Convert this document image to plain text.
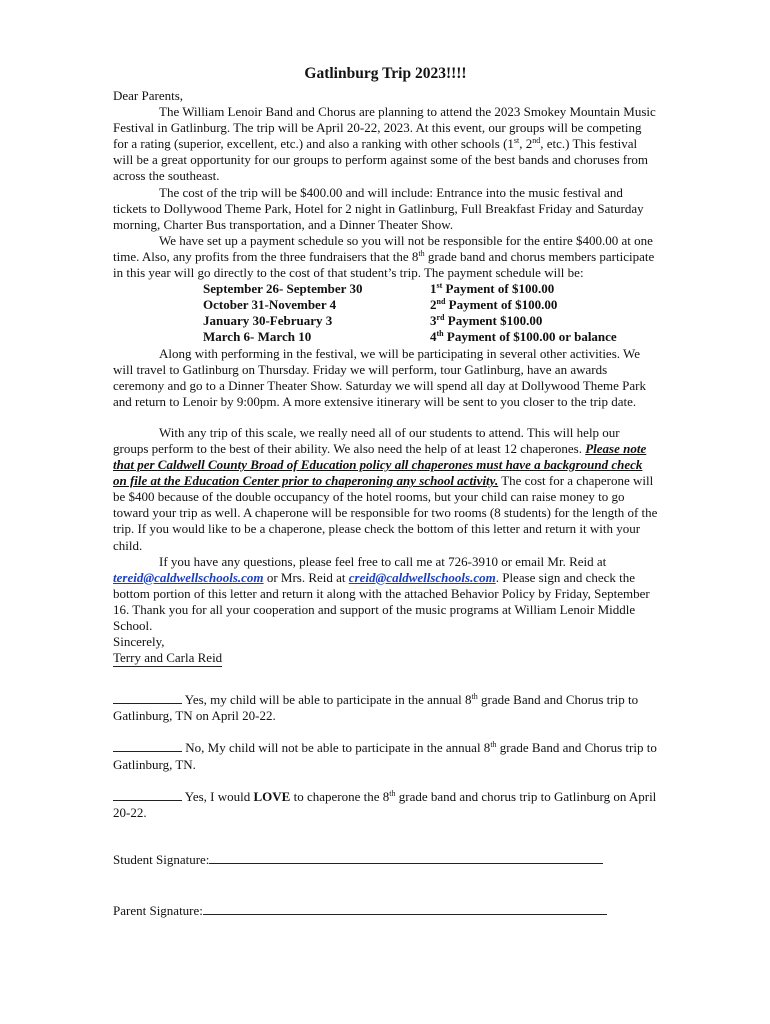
Gatlinburg Trip 2023!!!!

Dear Parents,

The William Lenoir Band and Chorus are planning to attend the 2023 Smokey Mountain Music Festival in Gatlinburg. The trip will be April 20-22, 2023. At this event, our groups will be competing for a rating (superior, excellent, etc.) and also a ranking with other schools (1st, 2nd, etc.) This festival will be a great opportunity for our groups to perform against some of the best bands and choruses from across the southeast.

The cost of the trip will be $400.00 and will include: Entrance into the music festival and tickets to Dollywood Theme Park, Hotel for 2 night in Gatlinburg, Full Breakfast Friday and Saturday morning, Charter Bus transportation, and a Dinner Theater Show.

We have set up a payment schedule so you will not be responsible for the entire $400.00 at one time. Also, any profits from the three fundraisers that the 8th grade band and chorus members participate in this year will go directly to the cost of that student’s trip. The payment schedule will be:

September 26- September 30	1st Payment of $100.00
October 31-November 4	2nd Payment of $100.00
January 30-February 3	3rd Payment $100.00
March 6- March 10	4th Payment of $100.00 or balance

Along with performing in the festival, we will be participating in several other activities. We will travel to Gatlinburg on Thursday. Friday we will perform, tour Gatlinburg, have an awards ceremony and go to a Dinner Theater Show. Saturday we will spend all day at Dollywood Theme Park and return to Lenoir by 9:00pm. A more extensive itinerary will be sent to you closer to the trip date.

With any trip of this scale, we really need all of our students to attend. This will help our groups perform to the best of their ability. We also need the help of at least 12 chaperones. Please note that per Caldwell County Broad of Education policy all chaperones must have a background check on file at the Education Center prior to chaperoning any school activity. The cost for a chaperone will be $400 because of the double occupancy of the hotel rooms, but your child can raise money to go toward your trip as well. A chaperone will be responsible for two rooms (8 students) for the length of the trip. If you would like to be a chaperone, please check the bottom of this letter and return it with your child.

If you have any questions, please feel free to call me at 726-3910 or email Mr. Reid at tereid@caldwellschools.com or Mrs. Reid at creid@caldwellschools.com. Please sign and check the bottom portion of this letter and return it along with the attached Behavior Policy by Friday, September 16. Thank you for all your cooperation and support of the music programs at William Lenoir Middle School.

Sincerely,

Terry and Carla Reid

Yes, my child will be able to participate in the annual 8th grade Band and Chorus trip to Gatlinburg, TN on April 20-22.

No, My child will not be able to participate in the annual 8th grade Band and Chorus trip to Gatlinburg, TN.

Yes, I would LOVE to chaperone the 8th grade band and chorus trip to Gatlinburg on April 20-22.

Student Signature:
Parent Signature:
